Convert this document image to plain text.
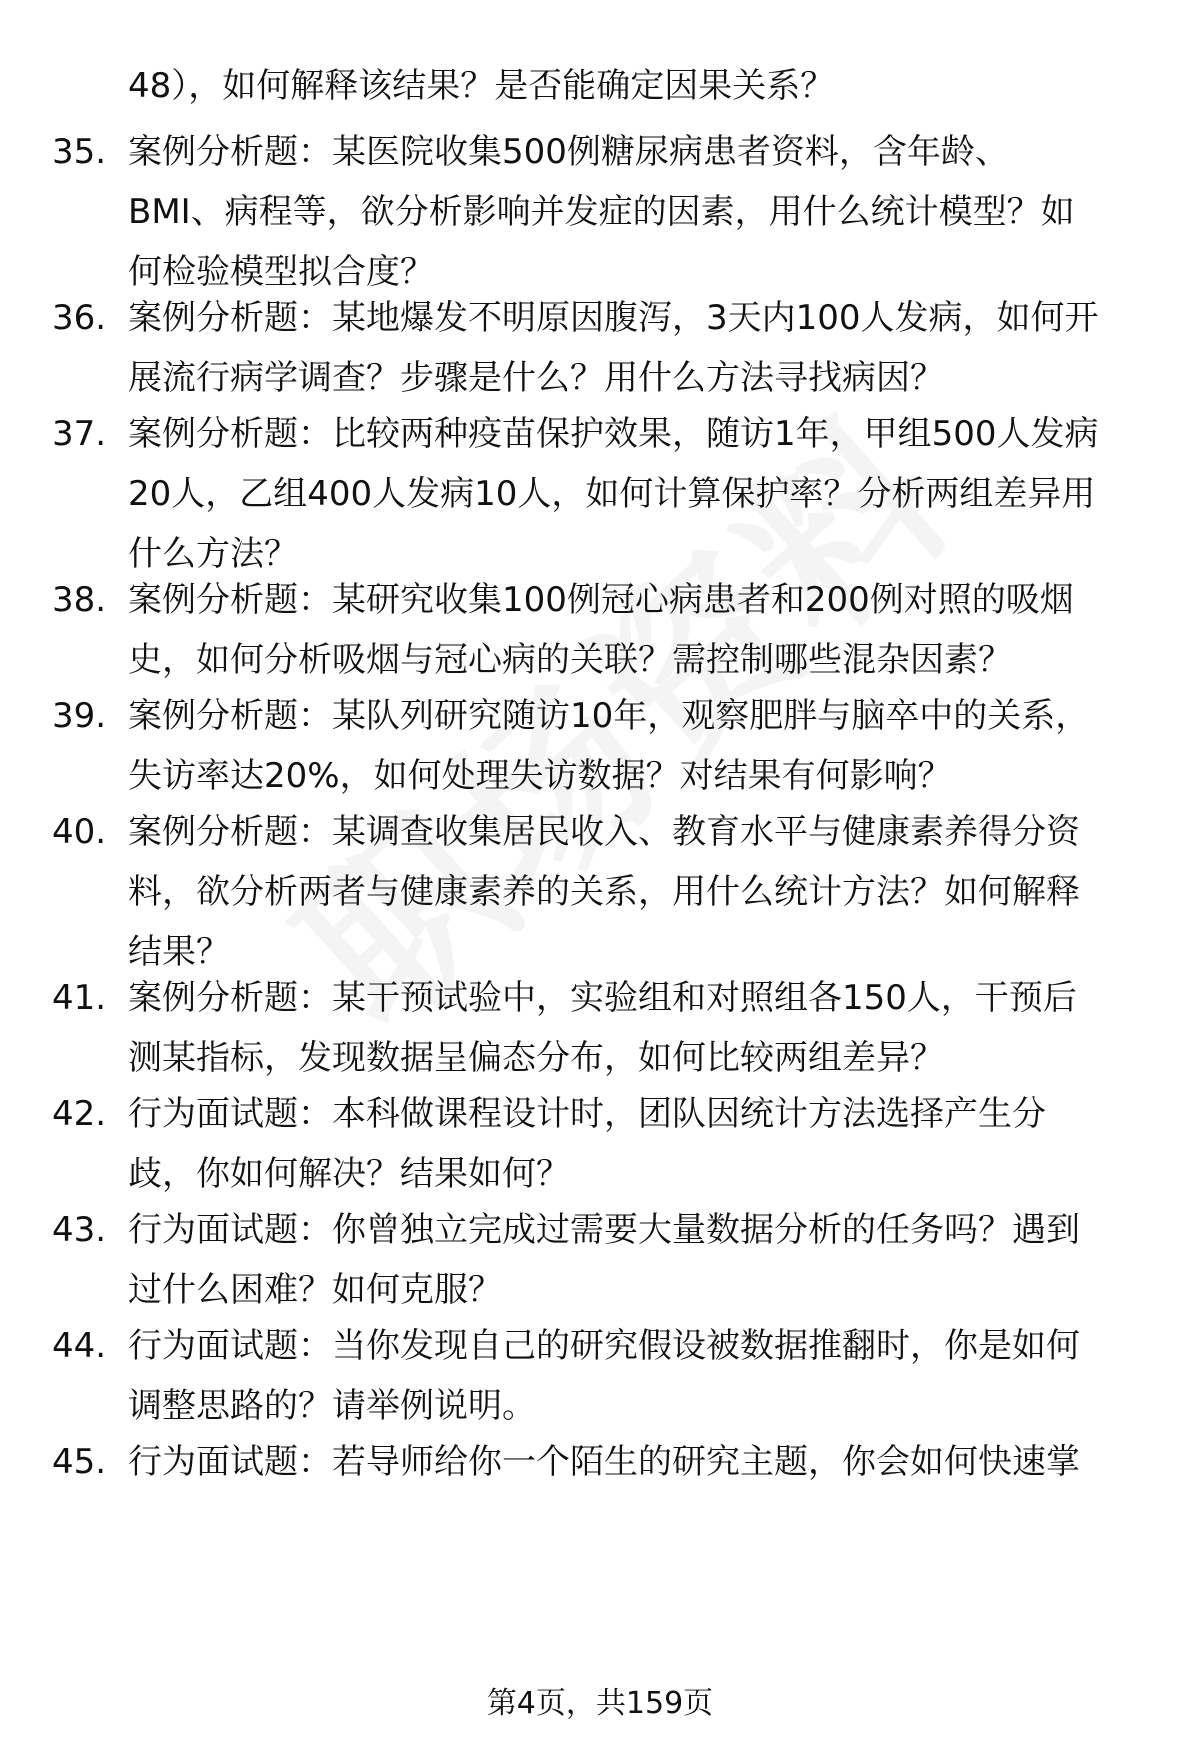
48），如何解释该结果？是否能确定因果关系？
35. 案例分析题：某医院收集500例糖尿病患者资料，含年龄、
BMI、病程等，欲分析影响并发症的因素，用什么统计模型？如
何检验模型拟合度？
36. 案例分析题：某地爆发不明原因腹泻，3天内100人发病，如何开
展流行病学调查？步骤是什么？用什么方法寻找病因？
37. 案例分析题：比较两种疫苗保护效果，随访1年，甲组500人发病
20人，乙组400人发病10人，如何计算保护率？分析两组差异用
什么方法？
38. 案例分析题：某研究收集100例冠心病患者和200例对照的吸烟
史，如何分析吸烟与冠心病的关联？需控制哪些混杂因素？
39. 案例分析题：某队列研究随访10年，观察肥胖与脑卒中的关系，
失访率达20%，如何处理失访数据？对结果有何影响？
40. 案例分析题：某调查收集居民收入、教育水平与健康素养得分资
料，欲分析两者与健康素养的关系，用什么统计方法？如何解释
结果？
41. 案例分析题：某干预试验中，实验组和对照组各150人，干预后
测某指标，发现数据呈偏态分布，如何比较两组差异？
42. 行为面试题：本科做课程设计时，团队因统计方法选择产生分
歧，你如何解决？结果如何？
43. 行为面试题：你曾独立完成过需要大量数据分析的任务吗？遇到
过什么困难？如何克服？
44. 行为面试题：当你发现自己的研究假设被数据推翻时，你是如何
调整思路的？请举例说明。
45. 行为面试题：若导师给你一个陌生的研究主题，你会如何快速掌
第4页，共159页
